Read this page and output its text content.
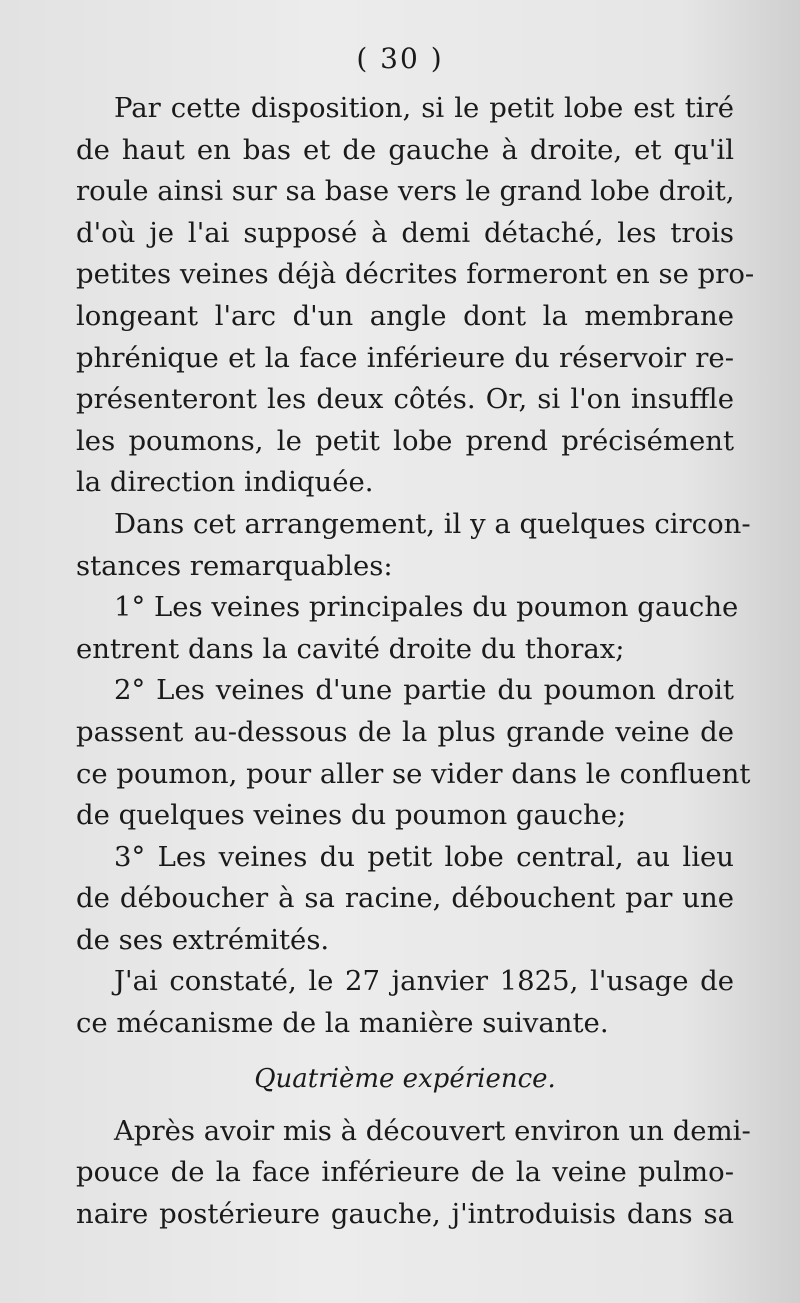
( 30 )
Par cette disposition, si le petit lobe est tiré
de haut en bas et de gauche à droite, et qu'il
roule ainsi sur sa base vers le grand lobe droit,
d'où je l'ai supposé à demi détaché, les trois
petites veines déjà décrites formeront en se pro-
longeant l'arc d'un angle dont la membrane
phrénique et la face inférieure du réservoir re-
présenteront les deux côtés. Or, si l'on insuffle
les poumons, le petit lobe prend précisément
la direction indiquée.
Dans cet arrangement, il y a quelques circon-
stances remarquables:
1° Les veines principales du poumon gauche
entrent dans la cavité droite du thorax;
2° Les veines d'une partie du poumon droit
passent au-dessous de la plus grande veine de
ce poumon, pour aller se vider dans le confluent
de quelques veines du poumon gauche;
3° Les veines du petit lobe central, au lieu
de déboucher à sa racine, débouchent par une
de ses extrémités.
J'ai constaté, le 27 janvier 1825, l'usage de
ce mécanisme de la manière suivante.
Quatrième expérience.
Après avoir mis à découvert environ un demi-
pouce de la face inférieure de la veine pulmo-
naire postérieure gauche, j'introduisis dans sa
